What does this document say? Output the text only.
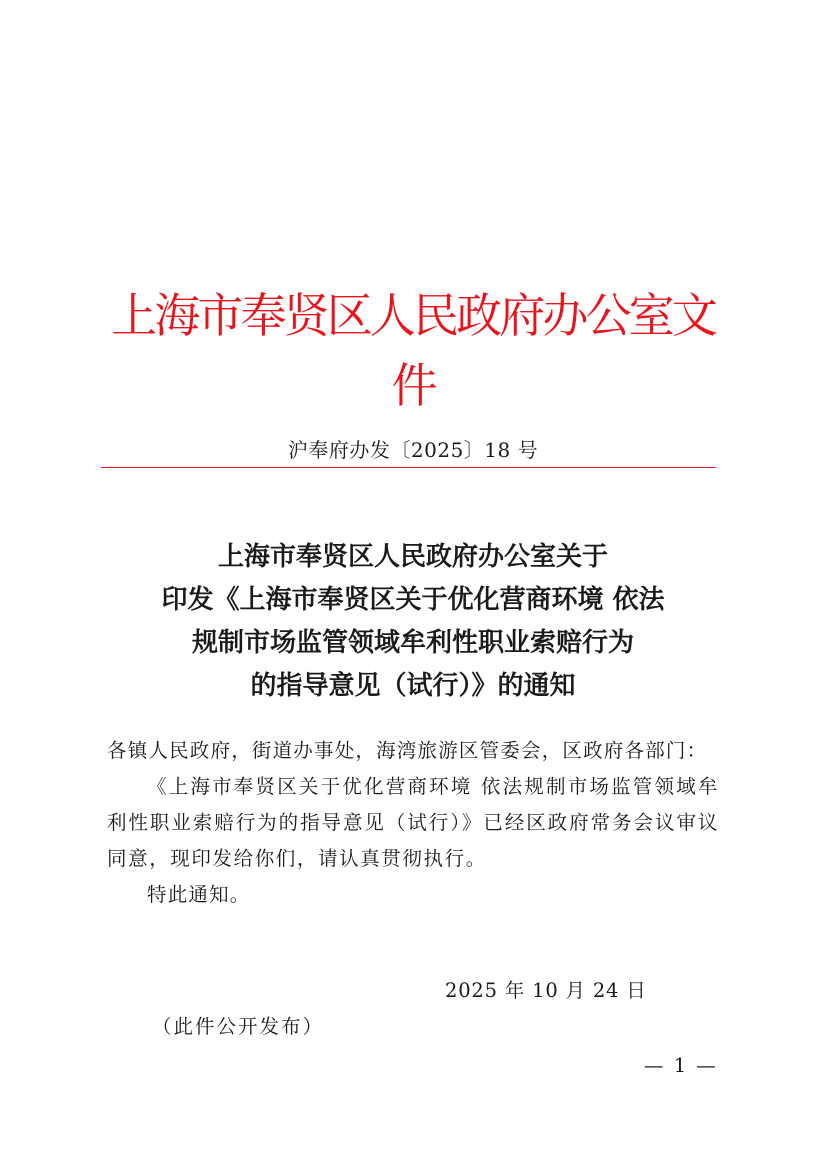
上海市奉贤区人民政府办公室文件
沪奉府办发〔2025〕18 号
上海市奉贤区人民政府办公室关于
印发《上海市奉贤区关于优化营商环境 依法
规制市场监管领域牟利性职业索赔行为
的指导意见（试行）》的通知
各镇人民政府，街道办事处，海湾旅游区管委会，区政府各部门：
《上海市奉贤区关于优化营商环境 依法规制市场监管领域牟利性职业索赔行为的指导意见（试行）》已经区政府常务会议审议同意，现印发给你们，请认真贯彻执行。
特此通知。
2025 年 10 月 24 日
（此件公开发布）
— 1 —
